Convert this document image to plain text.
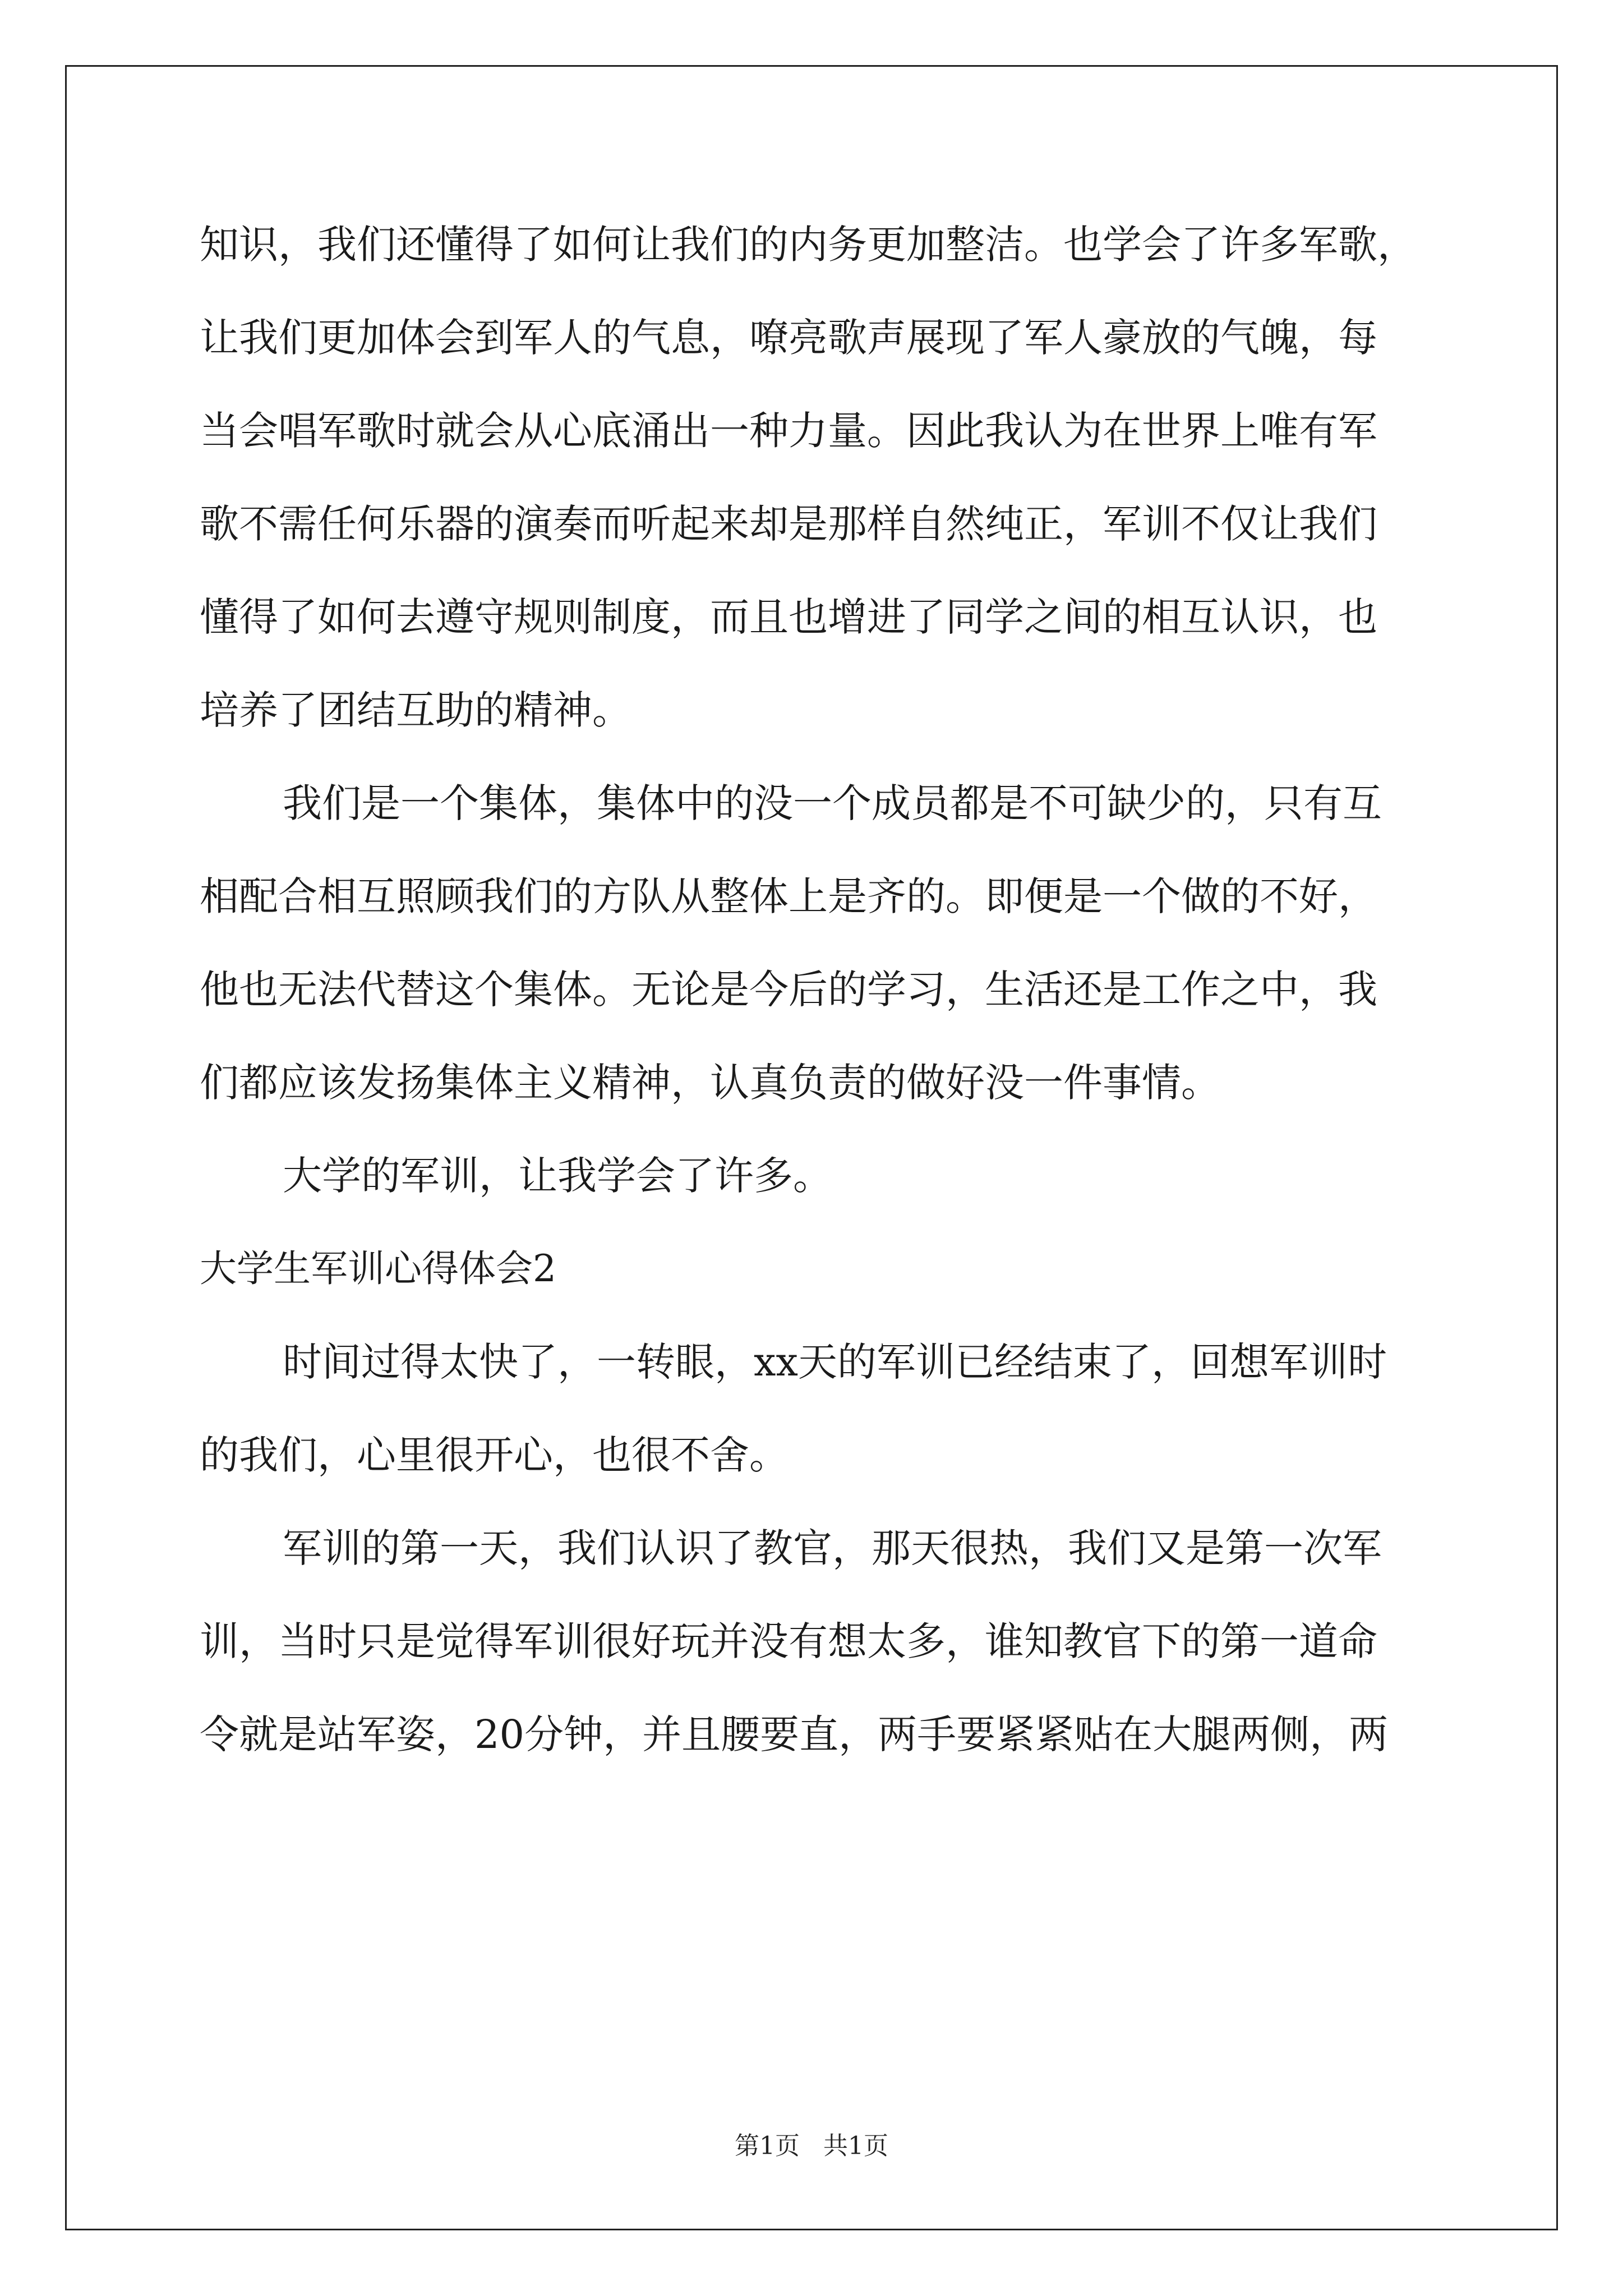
知识，我们还懂得了如何让我们的内务更加整洁。也学会了许多军歌，
让我们更加体会到军人的气息，嘹亮歌声展现了军人豪放的气魄，每
当会唱军歌时就会从心底涌出一种力量。因此我认为在世界上唯有军
歌不需任何乐器的演奏而听起来却是那样自然纯正，军训不仅让我们
懂得了如何去遵守规则制度，而且也增进了同学之间的相互认识，也
培养了团结互助的精神。
我们是一个集体，集体中的没一个成员都是不可缺少的，只有互
相配合相互照顾我们的方队从整体上是齐的。即便是一个做的不好，
他也无法代替这个集体。无论是今后的学习，生活还是工作之中，我
们都应该发扬集体主义精神，认真负责的做好没一件事情。
大学的军训，让我学会了许多。
大学生军训心得体会2
时间过得太快了，一转眼，xx天的军训已经结束了，回想军训时
的我们，心里很开心，也很不舍。
军训的第一天，我们认识了教官，那天很热，我们又是第一次军
训，当时只是觉得军训很好玩并没有想太多，谁知教官下的第一道命
令就是站军姿，20分钟，并且腰要直，两手要紧紧贴在大腿两侧，两
第1页   共1页
